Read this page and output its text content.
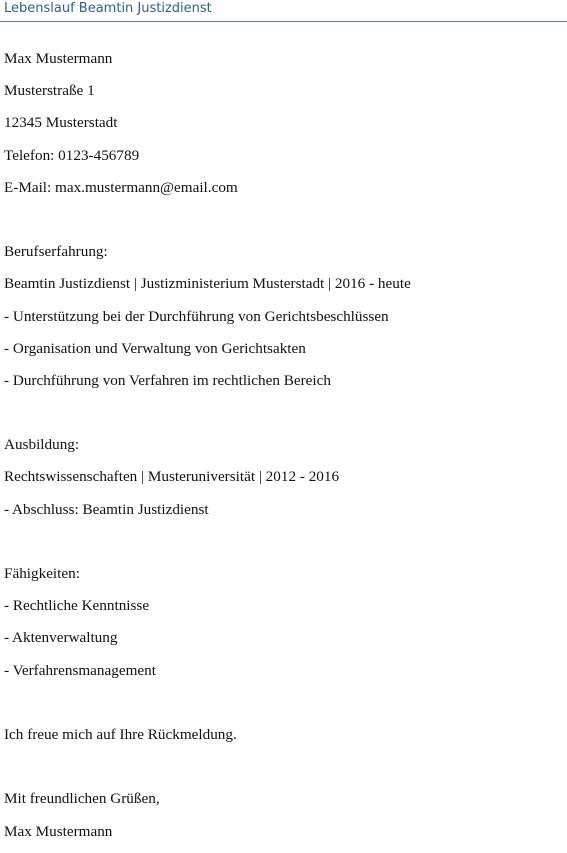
Lebenslauf Beamtin Justizdienst
Max Mustermann
Musterstraße 1
12345 Musterstadt
Telefon: 0123-456789
E-Mail: max.mustermann@email.com
Berufserfahrung:
Beamtin Justizdienst | Justizministerium Musterstadt | 2016 - heute
- Unterstützung bei der Durchführung von Gerichtsbeschlüssen
- Organisation und Verwaltung von Gerichtsakten
- Durchführung von Verfahren im rechtlichen Bereich
Ausbildung:
Rechtswissenschaften | Musteruniversität | 2012 - 2016
- Abschluss: Beamtin Justizdienst
Fähigkeiten:
- Rechtliche Kenntnisse
- Aktenverwaltung
- Verfahrensmanagement
Ich freue mich auf Ihre Rückmeldung.
Mit freundlichen Grüßen,
Max Mustermann
